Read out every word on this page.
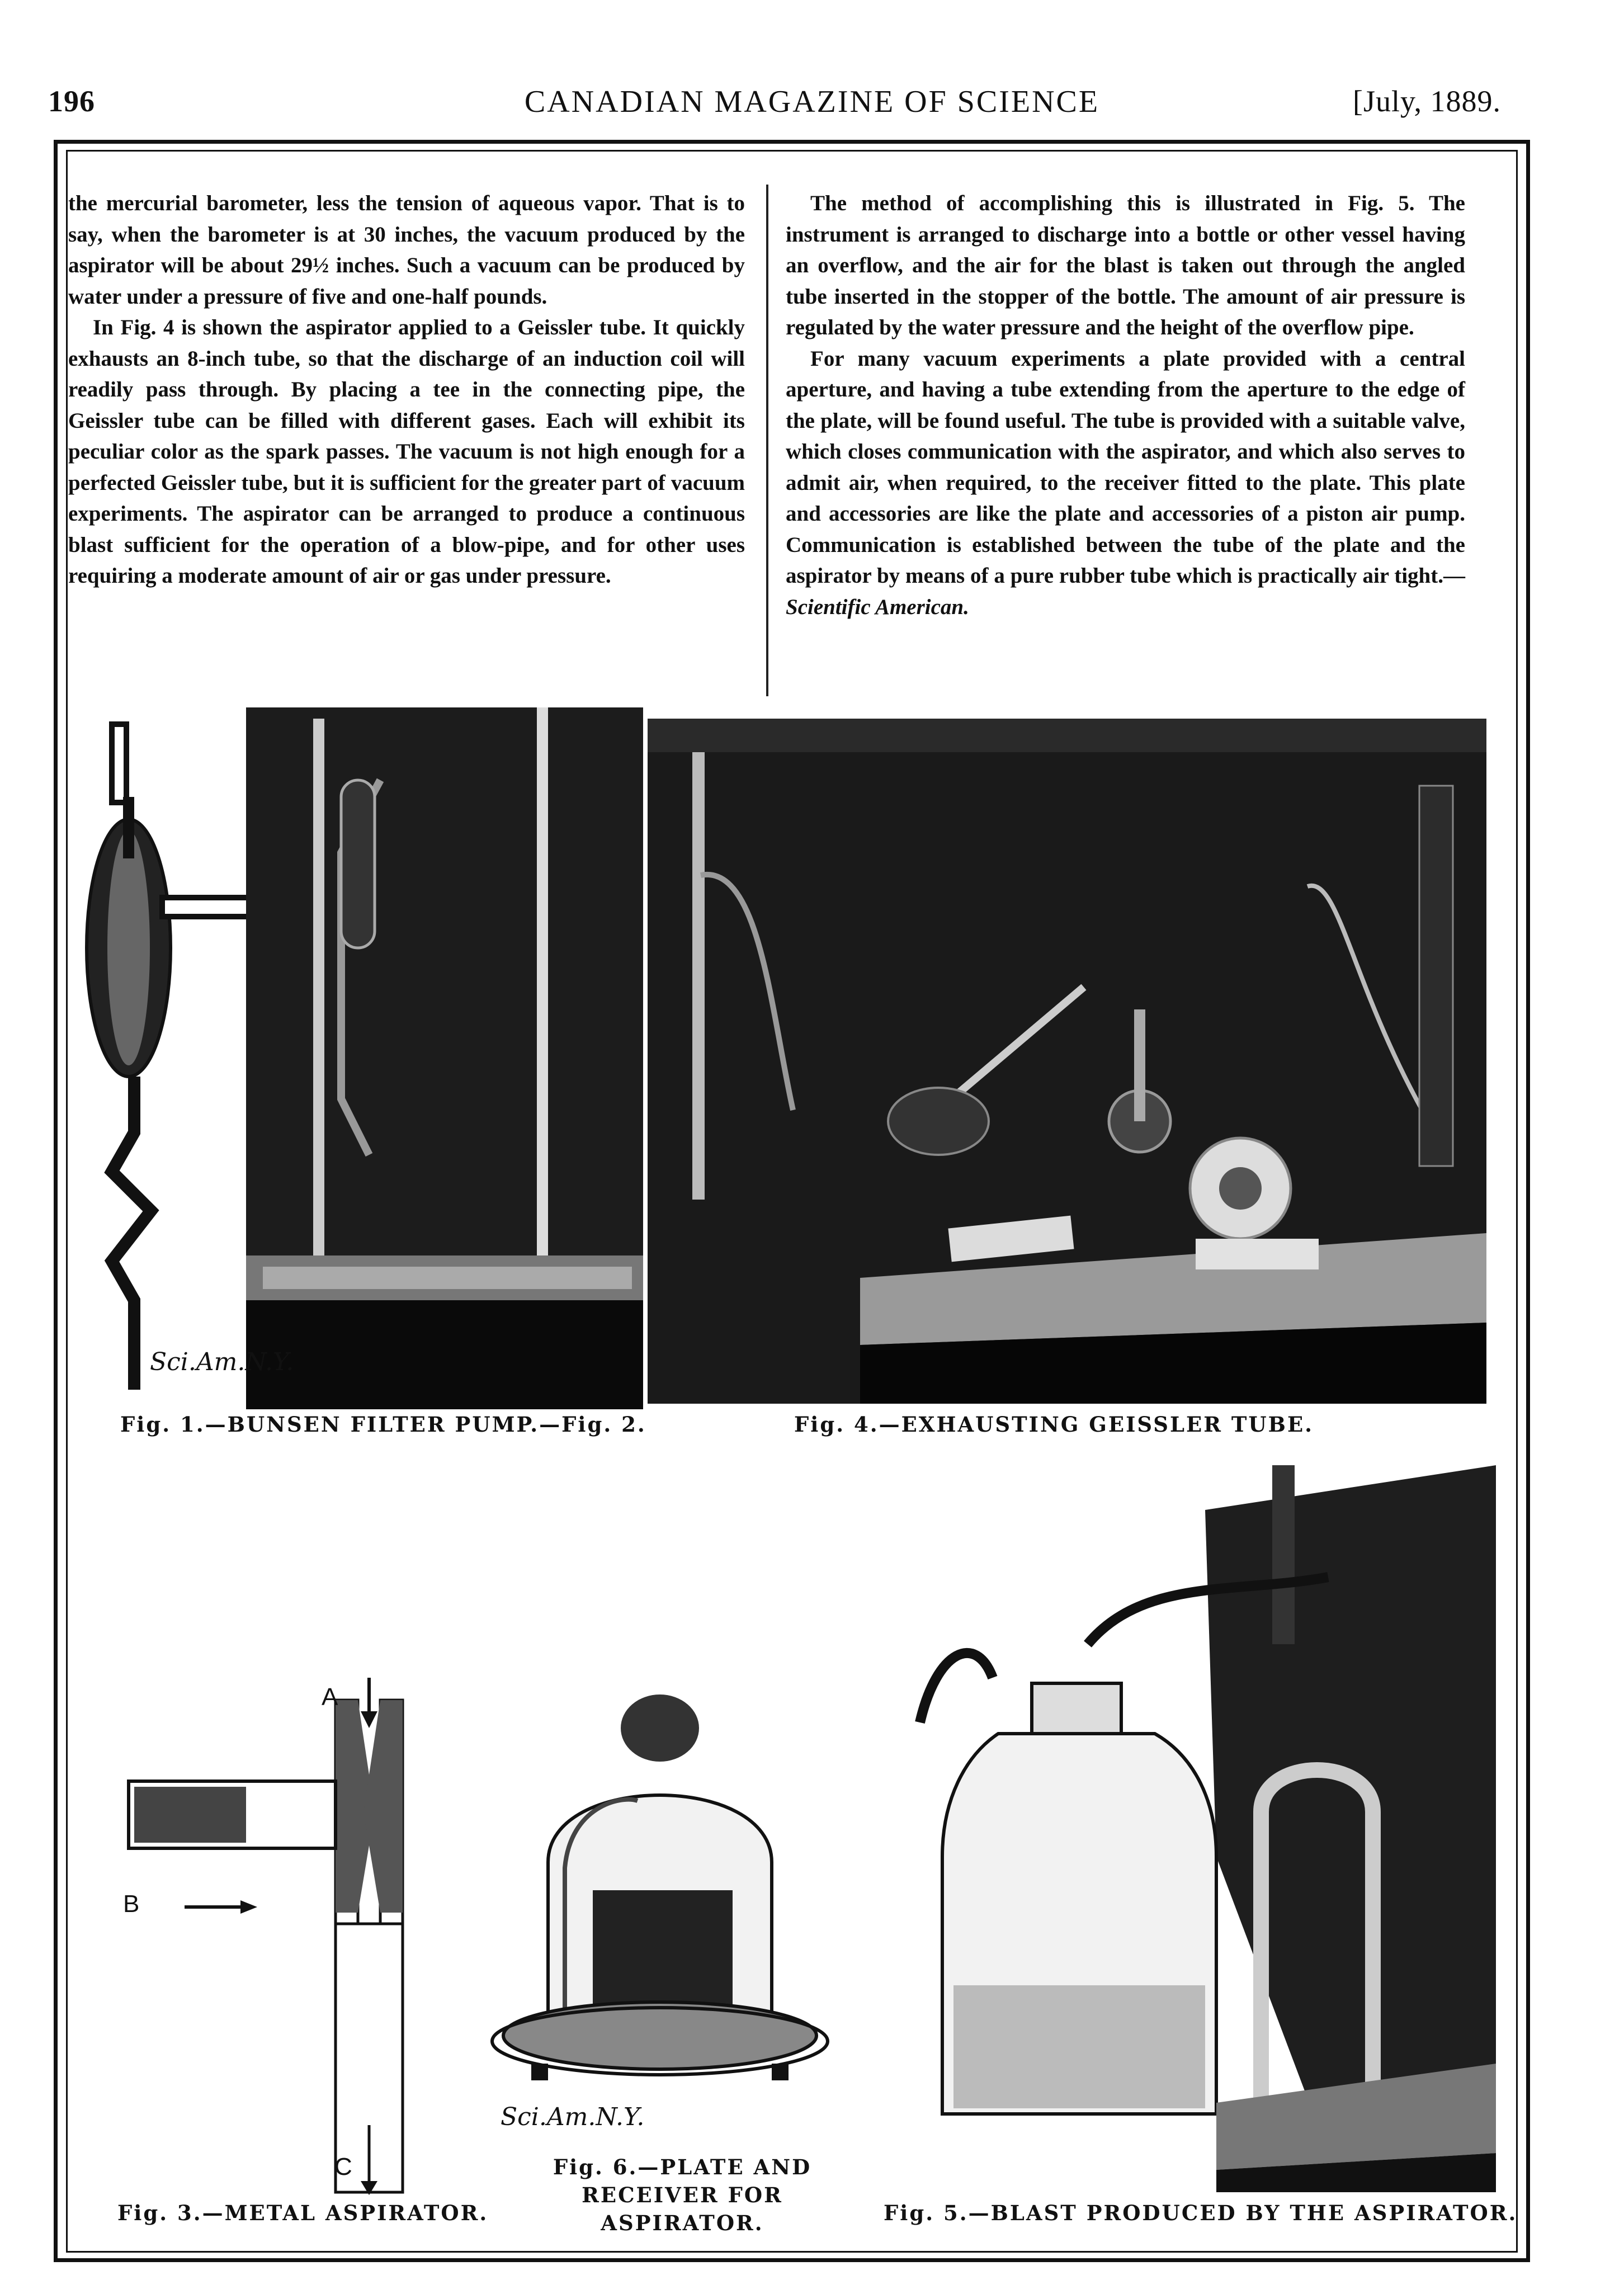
196	CANADIAN MAGAZINE OF SCIENCE	[July, 1889.

the mercurial barometer, less the tension of aqueous vapor. That is to say, when the barometer is at 30 inches, the vacuum produced by the aspirator will be about 29½ inches. Such a vacuum can be produced by water under a pressure of five and one-half pounds.

In Fig. 4 is shown the aspirator applied to a Geissler tube. It quickly exhausts an 8-inch tube, so that the discharge of an induction coil will readily pass through. By placing a tee in the connecting pipe, the Geissler tube can be filled with different gases. Each will exhibit its peculiar color as the spark passes. The vacuum is not high enough for a perfected Geissler tube, but it is sufficient for the greater part of vacuum experiments. The aspirator can be arranged to produce a continuous blast sufficient for the operation of a blow-pipe, and for other uses requiring a moderate amount of air or gas under pressure.

The method of accomplishing this is illustrated in Fig. 5. The instrument is arranged to discharge into a bottle or other vessel having an overflow, and the air for the blast is taken out through the angled tube inserted in the stopper of the bottle. The amount of air pressure is regulated by the water pressure and the height of the overflow pipe.

For many vacuum experiments a plate provided with a central aperture, and having a tube extending from the aperture to the edge of the plate, will be found useful. The tube is provided with a suitable valve, which closes communication with the aspirator, and which also serves to admit air, when required, to the receiver fitted to the plate. This plate and accessories are like the plate and accessories of a piston air pump. Communication is established between the tube of the plate and the aspirator by means of a pure rubber tube which is practically air tight.—Scientific American.

Sci.Am.N.Y.
Fig. 1.—BUNSEN FILTER PUMP.—Fig. 2.	Fig. 4.—EXHAUSTING GEISSLER TUBE.
A
B
C
Fig. 3.—METAL ASPIRATOR.
Sci.Am.N.Y.
Fig. 6.—PLATE AND RECEIVER FOR ASPIRATOR.	Fig. 5.—BLAST PRODUCED BY THE ASPIRATOR.
